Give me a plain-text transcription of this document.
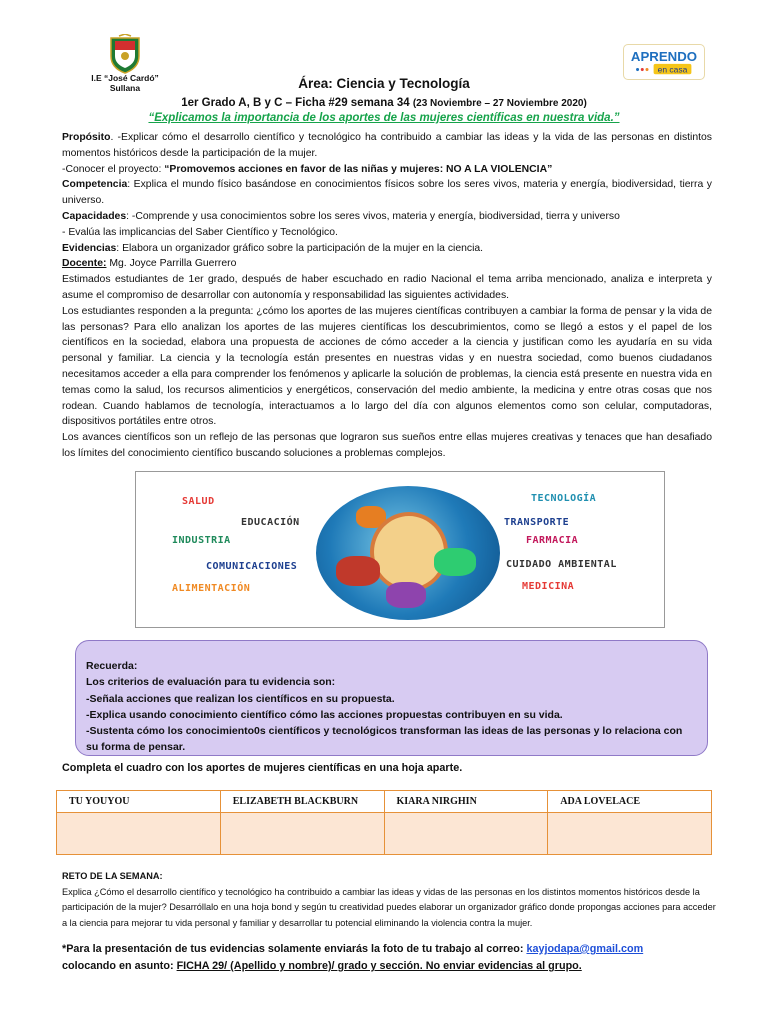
I.E “José Cardó”
Sullana
APRENDO
en casa
Área: Ciencia y Tecnología
1er Grado A, B y C – Ficha #29 semana 34 (23 Noviembre – 27 Noviembre 2020)
“Explicamos la importancia de los aportes de las mujeres científicas en nuestra vida.”

Propósito. -Explicar cómo el desarrollo científico y tecnológico ha contribuido a cambiar las ideas y la vida de las personas en distintos momentos históricos desde la participación de la mujer.

-Conocer el proyecto: “Promovemos acciones en favor de las niñas y mujeres: NO A LA VIOLENCIA”

Competencia: Explica el mundo físico basándose en conocimientos físicos sobre los seres vivos, materia y energía, biodiversidad, tierra y universo.

Capacidades: -Comprende y usa conocimientos sobre los seres vivos, materia y energía, biodiversidad, tierra y universo

- Evalúa las implicancias del Saber Científico y Tecnológico.

Evidencias: Elabora un organizador gráfico sobre la participación de la mujer en la ciencia.

Docente: Mg. Joyce Parrilla Guerrero

Estimados estudiantes de 1er grado, después de haber escuchado en radio Nacional el tema arriba mencionado, analiza e interpreta y asume el compromiso de desarrollar con autonomía y responsabilidad las siguientes actividades.

Los estudiantes responden a la pregunta: ¿cómo los aportes de las mujeres científicas contribuyen a cambiar la forma de pensar y la vida de las personas? Para ello analizan los aportes de las mujeres científicas los descubrimientos, como se llegó a estos y el papel de los científicos en la sociedad, elabora una propuesta de acciones de cómo acceder a la ciencia y justifican como les ayudaría en su vida personal y familiar. La ciencia y la tecnología están presentes en nuestras vidas y en nuestra sociedad, como buenos ciudadanos necesitamos acceder a ella para comprender los fenómenos y aplicarle la solución de problemas, la ciencia está presente en nuestra vida en temas como la salud, los recursos alimenticios y energéticos, conservación del medio ambiente, la medicina y entre otras cosas que nos rodean. Cuando hablamos de tecnología, interactuamos a lo largo del día con algunos elementos como son celular, computadoras, dispositivos portátiles entre otros.

Los avances científicos son un reflejo de las personas que lograron sus sueños entre ellas mujeres creativas y tenaces que han desafiado los límites del conocimiento científico buscando soluciones a problemas complejos.

SALUD
EDUCACIÓN
INDUSTRIA
COMUNICACIONES
ALIMENTACIÓN
TECNOLOGÍA
TRANSPORTE
FARMACIA
CUIDADO AMBIENTAL
MEDICINA
Recuerda:
Los criterios de evaluación para tu evidencia son:
-Señala acciones que realizan los científicos en su propuesta.
-Explica usando conocimiento científico cómo las acciones propuestas contribuyen en su vida.
-Sustenta cómo los conocimiento0s científicos y tecnológicos transforman las ideas de las personas y lo relaciona con su forma de pensar.
Completa el cuadro con los aportes de mujeres científicas en una hoja aparte.
TU YOUYOU	ELIZABETH BLACKBURN	KIARA NIRGHIN	ADA LOVELACE

RETO DE LA SEMANA:
Explica ¿Cómo el desarrollo científico y tecnológico ha contribuido a cambiar las ideas y vidas de las personas en los distintos momentos históricos desde la participación de la mujer? Desarróllalo en una hoja bond y según tu creatividad puedes elaborar un organizador gráfico donde propongas acciones para acceder a la ciencia para mejorar tu vida personal y familiar y desarrollar tu potencial eliminando la violencia contra la mujer.
*Para la presentación de tus evidencias solamente enviarás la foto de tu trabajo al correo: kayjodapa@gmail.com
colocando en asunto: FICHA 29/ (Apellido y nombre)/ grado y sección. No enviar evidencias al grupo.
